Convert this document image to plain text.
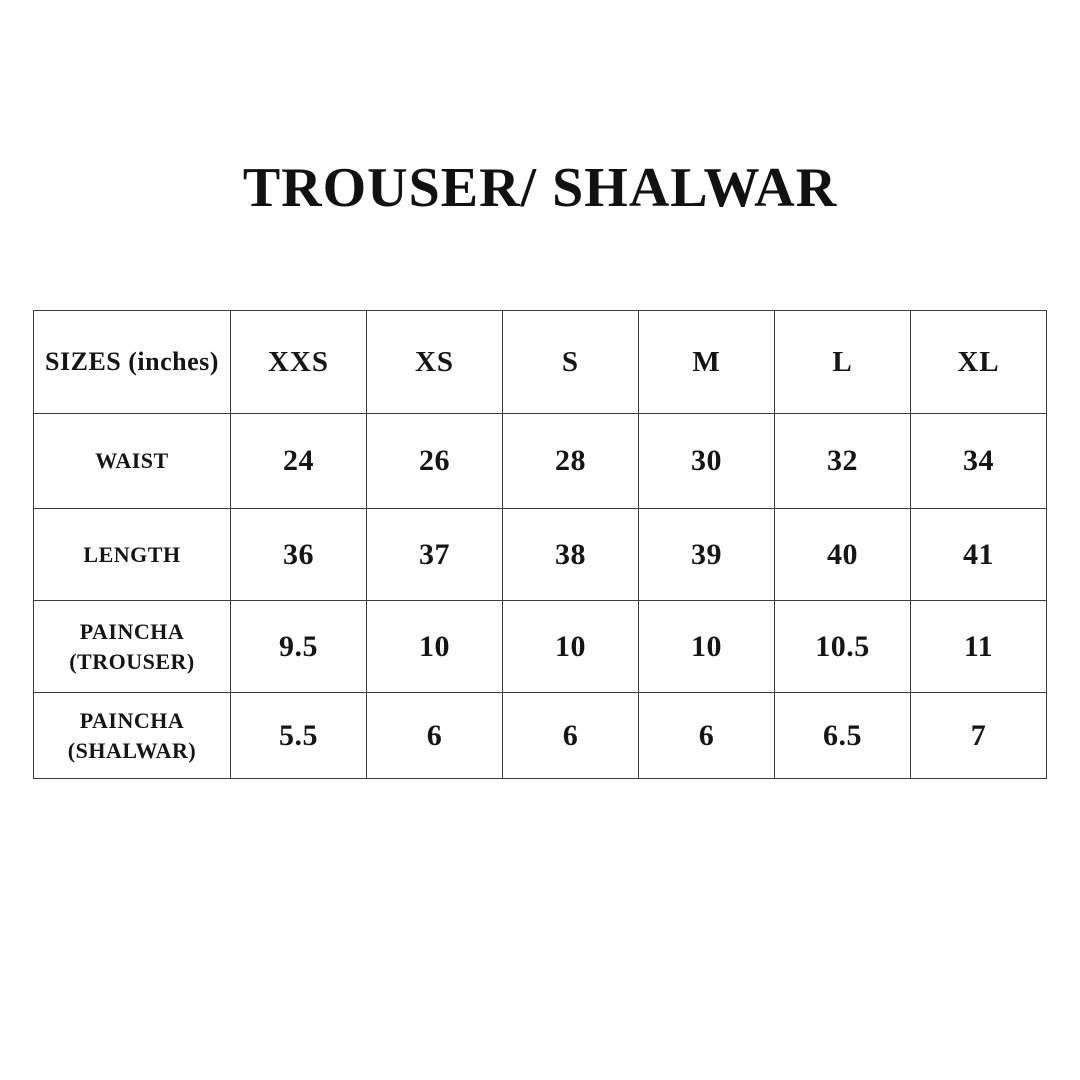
TROUSER/ SHALWAR
SIZES (inches)	XXS	XS	S	M	L	XL
WAIST	24	26	28	30	32	34
LENGTH	36	37	38	39	40	41
PAINCHA (TROUSER)	9.5	10	10	10	10.5	11
PAINCHA (SHALWAR)	5.5	6	6	6	6.5	7
